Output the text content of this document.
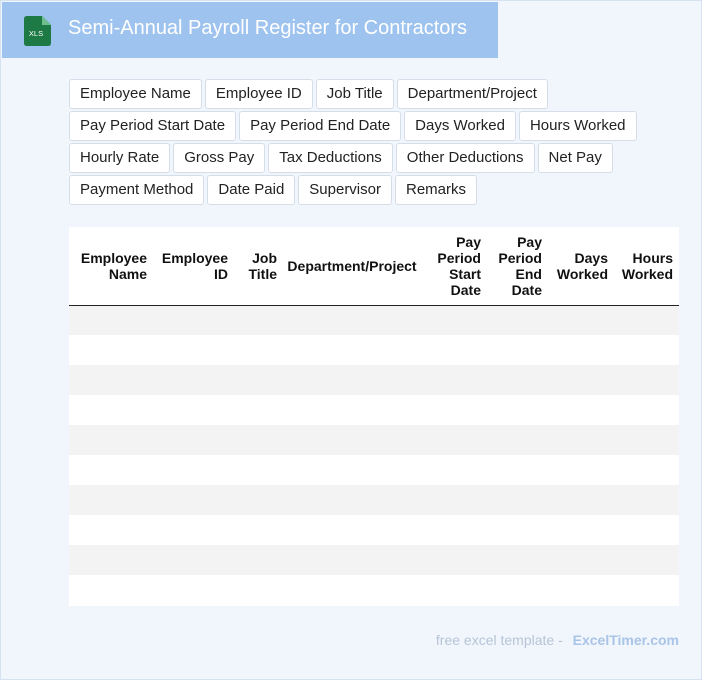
XLS Semi-Annual Payroll Register for Contractors
Employee Name	Employee ID	Job Title	Department/Project
Pay Period Start Date	Pay Period End Date	Days Worked	Hours Worked
Hourly Rate	Gross Pay	Tax Deductions	Other Deductions	Net Pay
Payment Method	Date Paid	Supervisor	Remarks
Employee Name	Employee ID	Job Title	Department/Project	Pay Period Start Date	Pay Period End Date	Days Worked	Hours Worked

free excel template - ExcelTimer.com
